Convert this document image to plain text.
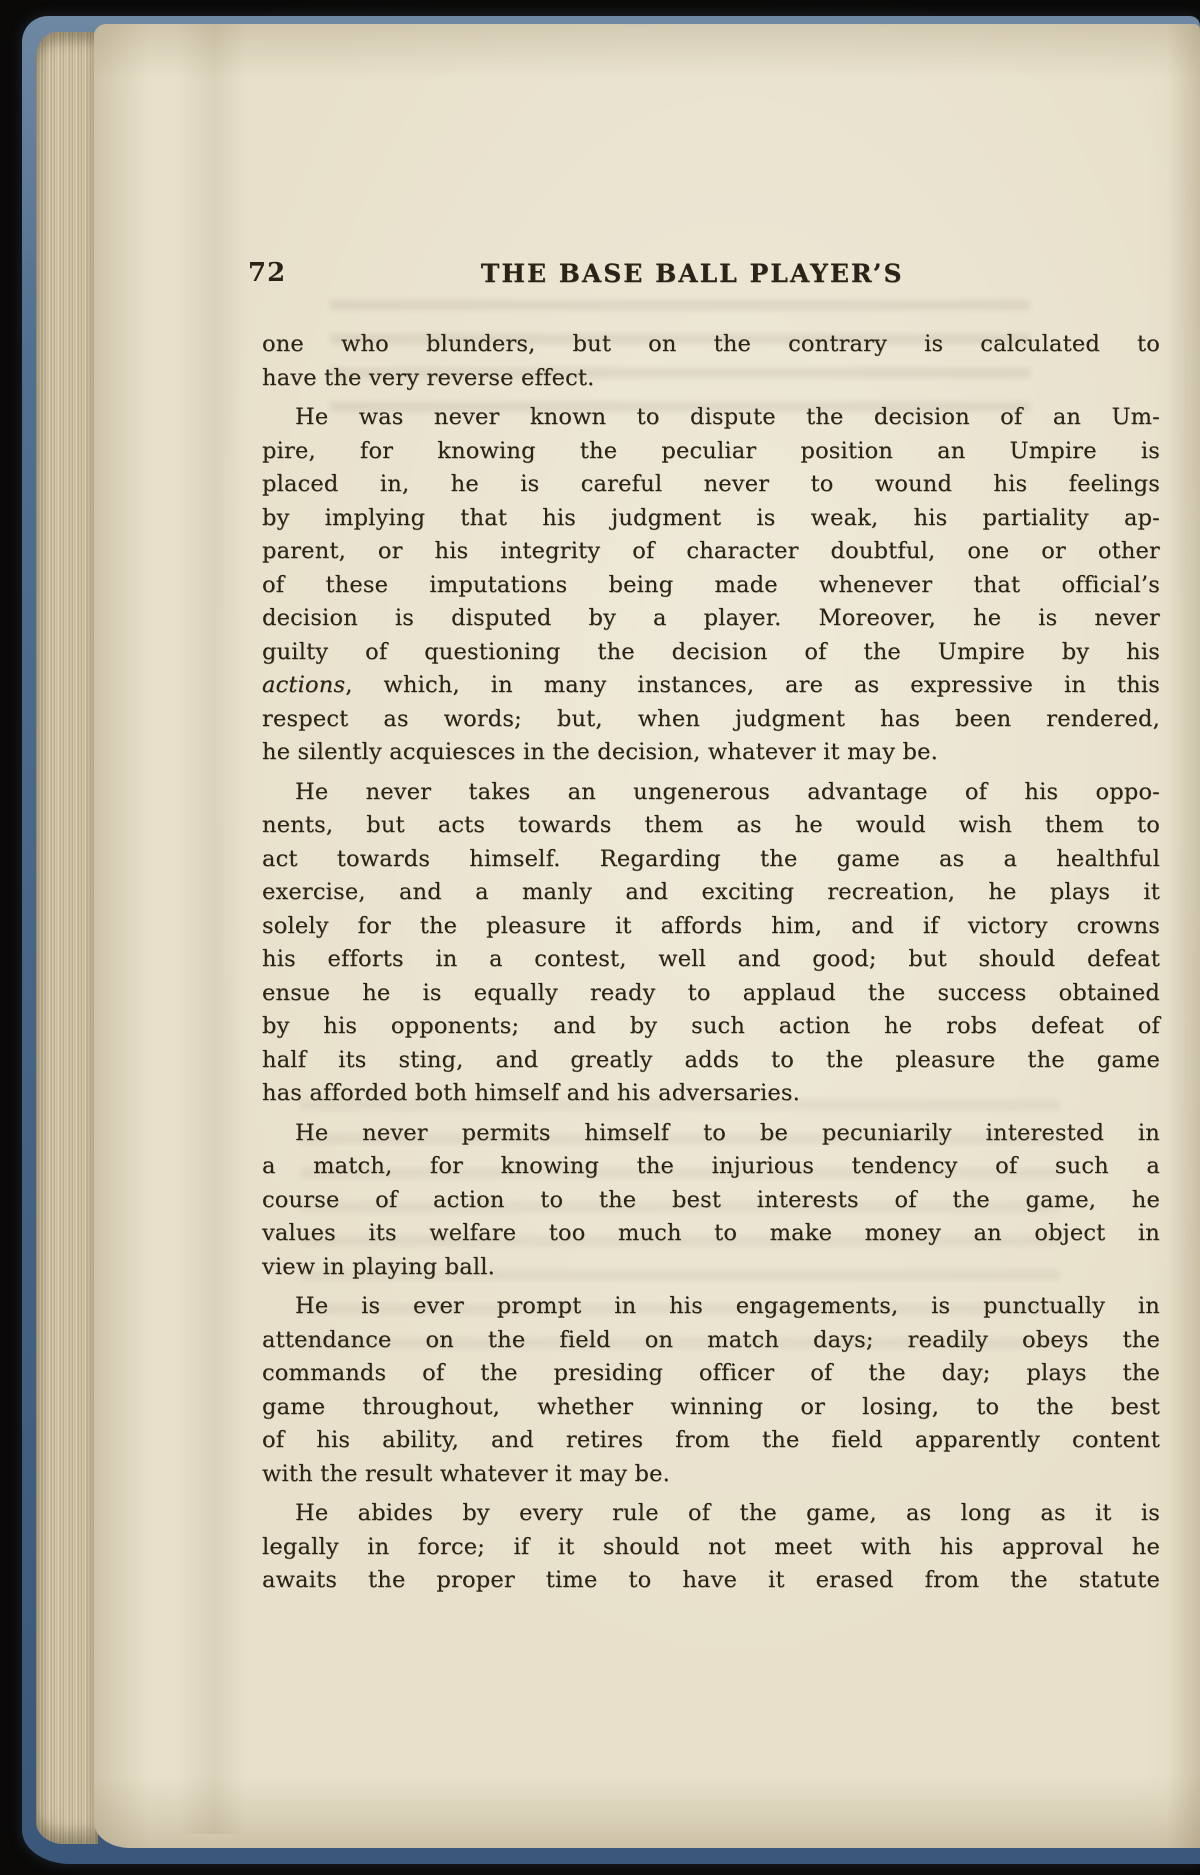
72	THE BASE BALL PLAYER’S
one who blunders, but on the contrary is calculated to
have the very reverse effect.
He was never known to dispute the decision of an Um-
pire, for knowing the peculiar position an Umpire is
placed in, he is careful never to wound his feelings
by implying that his judgment is weak, his partiality ap-
parent, or his integrity of character doubtful, one or other
of these imputations being made whenever that official’s
decision is disputed by a player. Moreover, he is never
guilty of questioning the decision of the Umpire by his
actions, which, in many instances, are as expressive in this
respect as words; but, when judgment has been rendered,
he silently acquiesces in the decision, whatever it may be.
He never takes an ungenerous advantage of his oppo-
nents, but acts towards them as he would wish them to
act towards himself. Regarding the game as a healthful
exercise, and a manly and exciting recreation, he plays it
solely for the pleasure it affords him, and if victory crowns
his efforts in a contest, well and good; but should defeat
ensue he is equally ready to applaud the success obtained
by his opponents; and by such action he robs defeat of
half its sting, and greatly adds to the pleasure the game
has afforded both himself and his adversaries.
He never permits himself to be pecuniarily interested in
a match, for knowing the injurious tendency of such a
course of action to the best interests of the game, he
values its welfare too much to make money an object in
view in playing ball.
He is ever prompt in his engagements, is punctually in
attendance on the field on match days; readily obeys the
commands of the presiding officer of the day; plays the
game throughout, whether winning or losing, to the best
of his ability, and retires from the field apparently content
with the result whatever it may be.
He abides by every rule of the game, as long as it is
legally in force; if it should not meet with his approval he
awaits the proper time to have it erased from the statute
